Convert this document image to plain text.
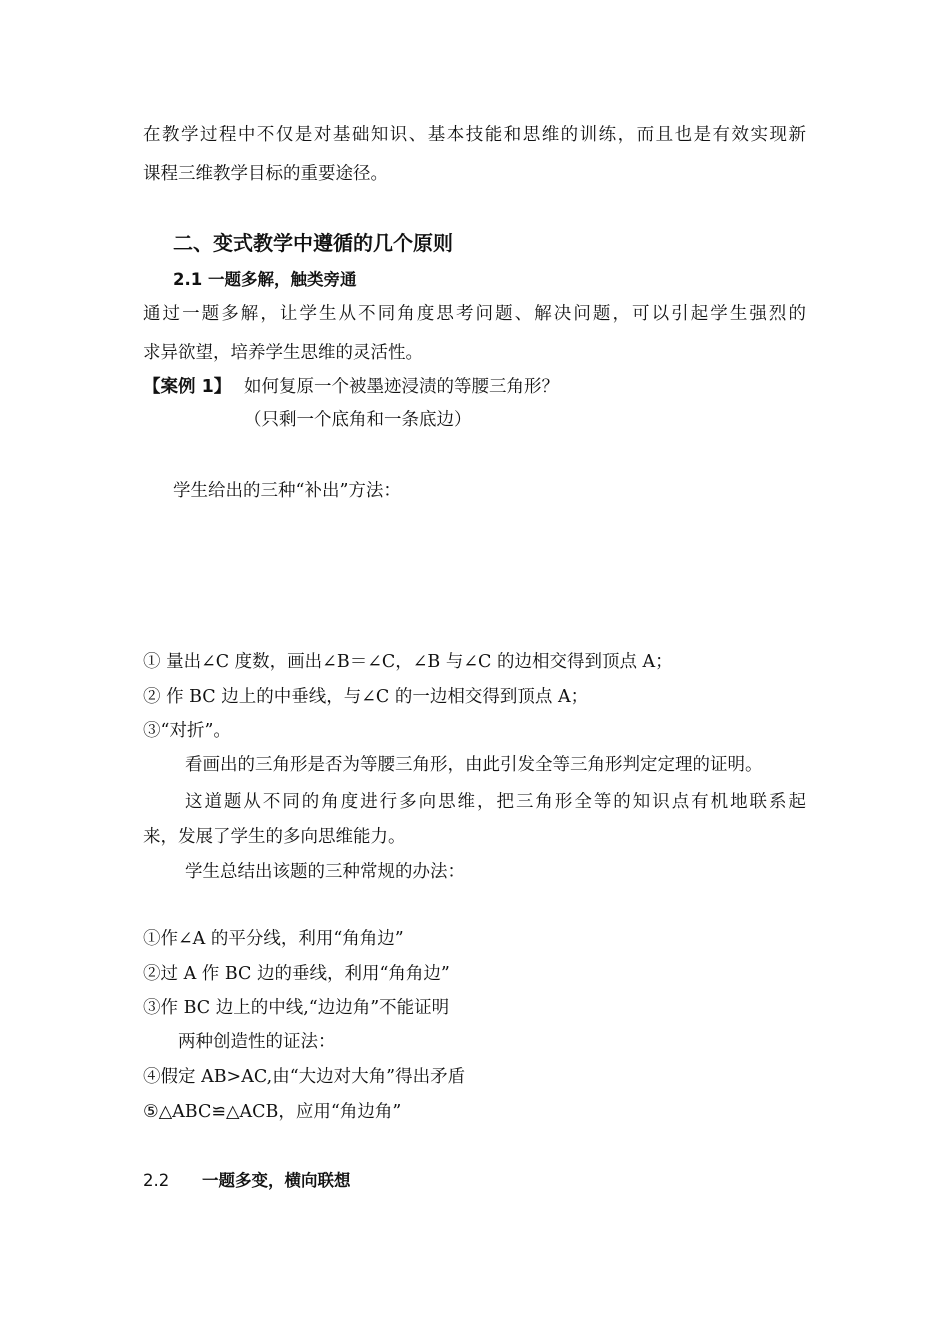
在教学过程中不仅是对基础知识、基本技能和思维的训练，而且也是有效实现新
课程三维教学目标的重要途径。
二、变式教学中遵循的几个原则
2.1 一题多解，触类旁通
通过一题多解，让学生从不同角度思考问题、解决问题，可以引起学生强烈的
求异欲望，培养学生思维的灵活性。
【案例 1】 如何复原一个被墨迹浸渍的等腰三角形？
（只剩一个底角和一条底边）
学生给出的三种“补出”方法：
① 量出∠C 度数，画出∠B＝∠C，∠B 与∠C 的边相交得到顶点 A；
② 作 BC 边上的中垂线，与∠C 的一边相交得到顶点 A；
③“对折”。
看画出的三角形是否为等腰三角形，由此引发全等三角形判定定理的证明。
这道题从不同的角度进行多向思维，把三角形全等的知识点有机地联系起
来，发展了学生的多向思维能力。
学生总结出该题的三种常规的办法：
①作∠A 的平分线，利用“角角边”
②过 A 作 BC 边的垂线，利用“角角边”
③作 BC 边上的中线,“边边角”不能证明
两种创造性的证法：
④假定 AB>AC,由“大边对大角”得出矛盾
⑤△ABC≌△ACB，应用“角边角”
2.2 一题多变，横向联想
